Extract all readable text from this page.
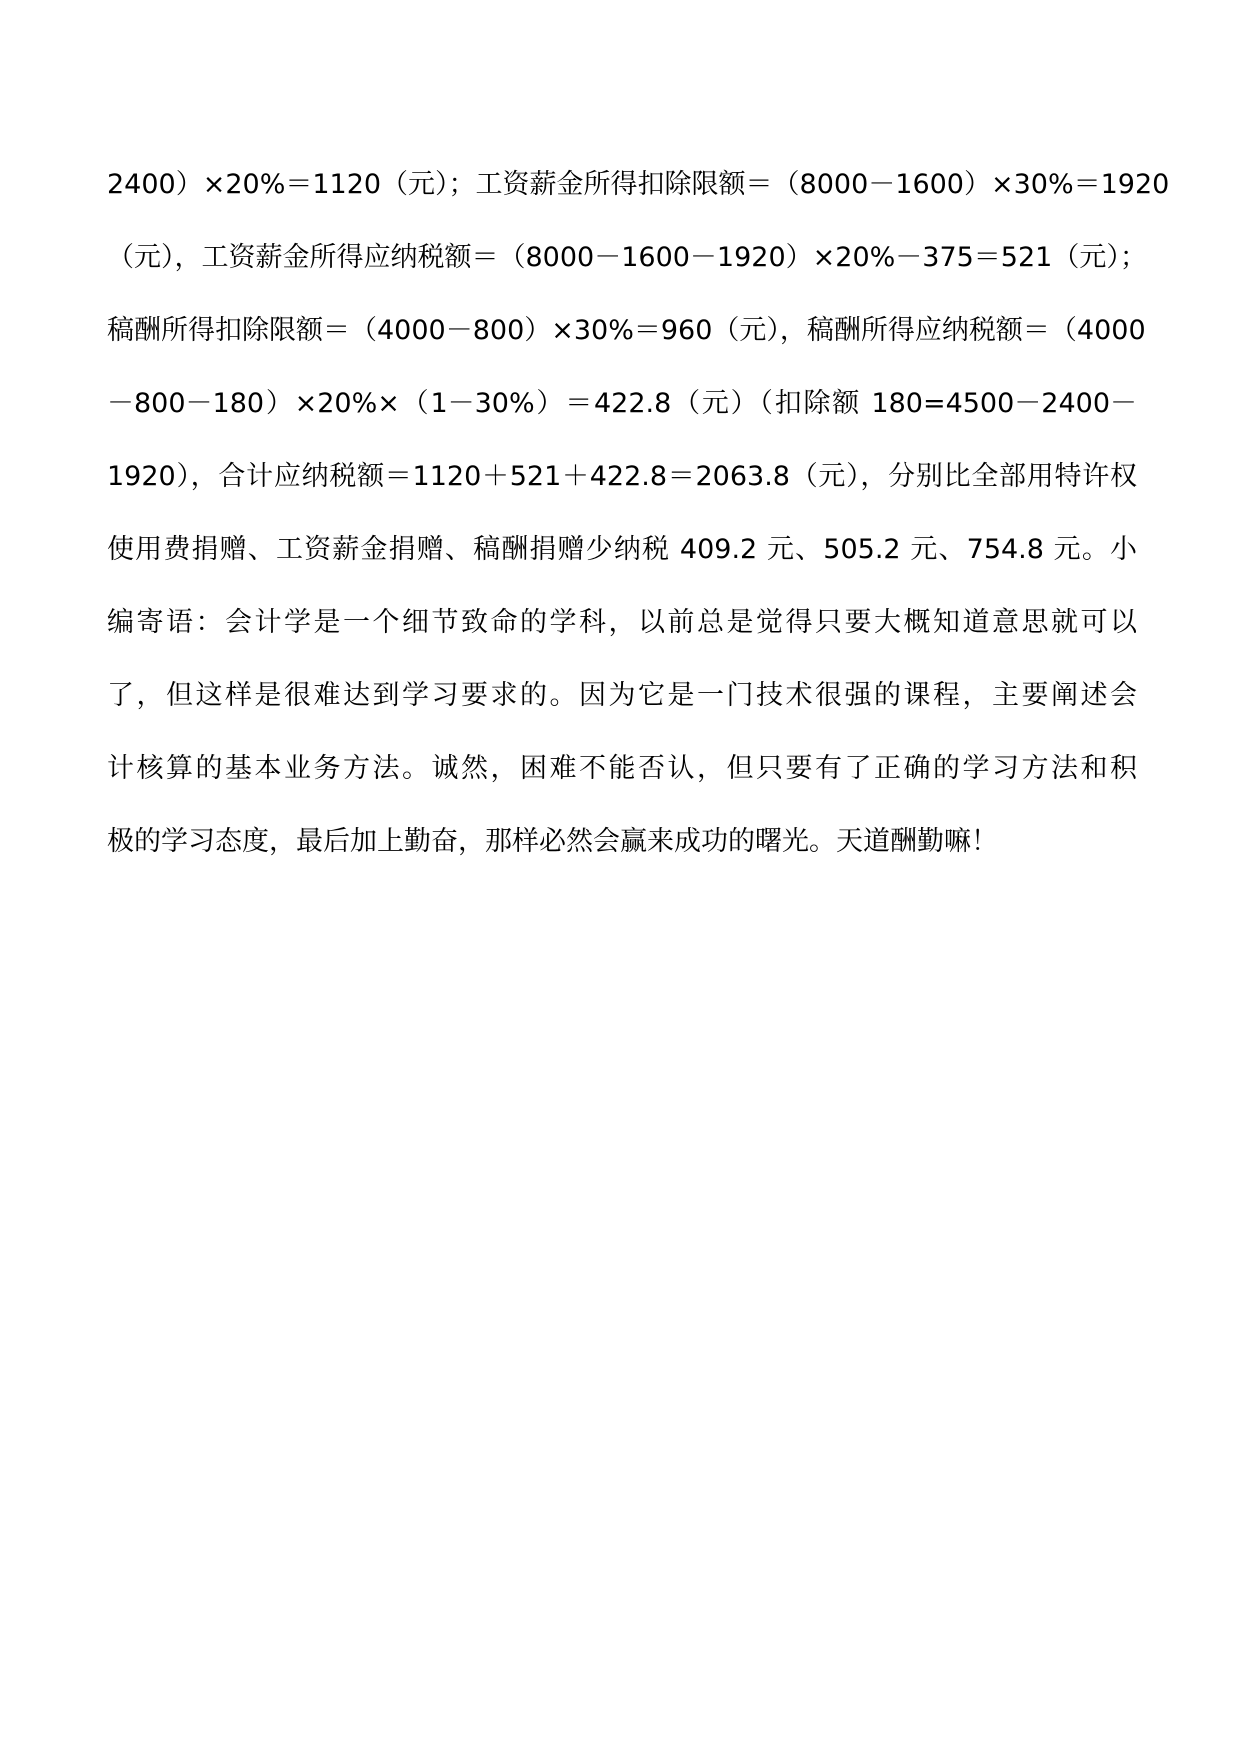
2400）×20%＝1120（元）；工资薪金所得扣除限额＝（8000－1600）×30%＝1920
（元），工资薪金所得应纳税额＝（8000－1600－1920）×20%－375＝521（元）；
稿酬所得扣除限额＝（4000－800）×30%＝960（元），稿酬所得应纳税额＝（4000
－800－180）×20%×（1－30%）＝422.8（元）（扣除额 180=4500－2400－
1920），合计应纳税额＝1120＋521＋422.8＝2063.8（元），分别比全部用特许权
使用费捐赠、工资薪金捐赠、稿酬捐赠少纳税 409.2 元、505.2 元、754.8 元。小
编寄语：会计学是一个细节致命的学科，以前总是觉得只要大概知道意思就可以
了，但这样是很难达到学习要求的。因为它是一门技术很强的课程，主要阐述会
计核算的基本业务方法。诚然，困难不能否认，但只要有了正确的学习方法和积
极的学习态度，最后加上勤奋，那样必然会赢来成功的曙光。天道酬勤嘛！
